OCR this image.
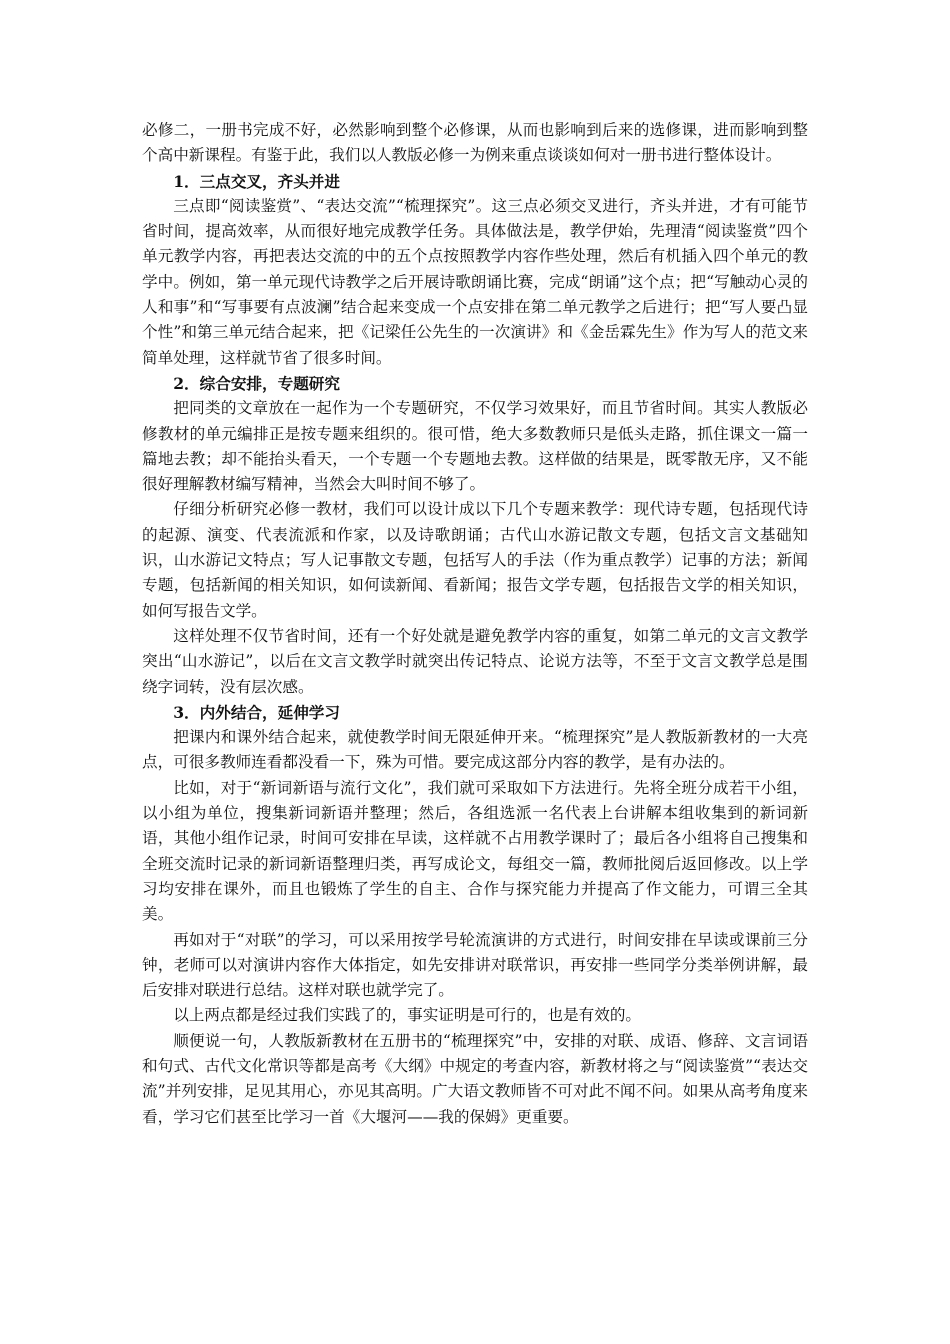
必修二，一册书完成不好，必然影响到整个必修课，从而也影响到后来的选修课，进而影响到整个高中新课程。有鉴于此，我们以人教版必修一为例来重点谈谈如何对一册书进行整体设计。

1．三点交叉，齐头并进

三点即“阅读鉴赏”、“表达交流”“梳理探究”。这三点必须交叉进行，齐头并进，才有可能节省时间，提高效率，从而很好地完成教学任务。具体做法是，教学伊始，先理清“阅读鉴赏”四个单元教学内容，再把表达交流的中的五个点按照教学内容作些处理，然后有机插入四个单元的教学中。例如，第一单元现代诗教学之后开展诗歌朗诵比赛，完成“朗诵”这个点；把“写触动心灵的人和事”和“写事要有点波澜”结合起来变成一个点安排在第二单元教学之后进行；把“写人要凸显个性”和第三单元结合起来，把《记梁任公先生的一次演讲》和《金岳霖先生》作为写人的范文来简单处理，这样就节省了很多时间。

2．综合安排，专题研究

把同类的文章放在一起作为一个专题研究，不仅学习效果好，而且节省时间。其实人教版必修教材的单元编排正是按专题来组织的。很可惜，绝大多数教师只是低头走路，抓住课文一篇一篇地去教；却不能抬头看天，一个专题一个专题地去教。这样做的结果是，既零散无序，又不能很好理解教材编写精神，当然会大叫时间不够了。

仔细分析研究必修一教材，我们可以设计成以下几个专题来教学：现代诗专题，包括现代诗的起源、演变、代表流派和作家，以及诗歌朗诵；古代山水游记散文专题，包括文言文基础知识，山水游记文特点；写人记事散文专题，包括写人的手法（作为重点教学）记事的方法；新闻专题，包括新闻的相关知识，如何读新闻、看新闻；报告文学专题，包括报告文学的相关知识，如何写报告文学。

这样处理不仅节省时间，还有一个好处就是避免教学内容的重复，如第二单元的文言文教学突出“山水游记”，以后在文言文教学时就突出传记特点、论说方法等，不至于文言文教学总是围绕字词转，没有层次感。

3．内外结合，延伸学习

把课内和课外结合起来，就使教学时间无限延伸开来。“梳理探究”是人教版新教材的一大亮点，可很多教师连看都没看一下，殊为可惜。要完成这部分内容的教学，是有办法的。

比如，对于“新词新语与流行文化”，我们就可采取如下方法进行。先将全班分成若干小组，以小组为单位，搜集新词新语并整理；然后，各组选派一名代表上台讲解本组收集到的新词新语，其他小组作记录，时间可安排在早读，这样就不占用教学课时了；最后各小组将自己搜集和全班交流时记录的新词新语整理归类，再写成论文，每组交一篇，教师批阅后返回修改。以上学习均安排在课外，而且也锻炼了学生的自主、合作与探究能力并提高了作文能力，可谓三全其美。

再如对于“对联”的学习，可以采用按学号轮流演讲的方式进行，时间安排在早读或课前三分钟，老师可以对演讲内容作大体指定，如先安排讲对联常识，再安排一些同学分类举例讲解，最后安排对联进行总结。这样对联也就学完了。

以上两点都是经过我们实践了的，事实证明是可行的，也是有效的。

顺便说一句，人教版新教材在五册书的“梳理探究”中，安排的对联、成语、修辞、文言词语和句式、古代文化常识等都是高考《大纲》中规定的考查内容，新教材将之与“阅读鉴赏”“表达交流”并列安排，足见其用心，亦见其高明。广大语文教师皆不可对此不闻不问。如果从高考角度来看，学习它们甚至比学习一首《大堰河——我的保姆》更重要。
